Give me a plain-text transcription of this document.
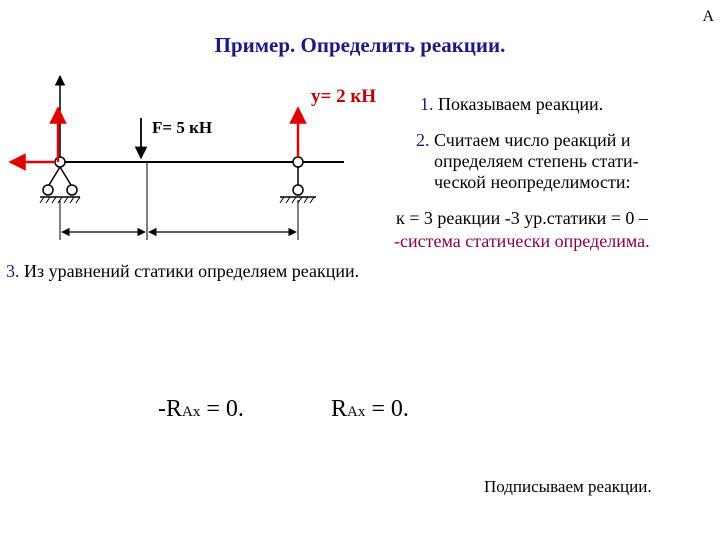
A
Пример. Определить реакции.
у= 2 кН
F= 5 кН
1. Показываем реакции.
2. Считаем число реакций и
определяем степень стати-
ческой неопределимости:
к = 3 реакции -3 ур.статики = 0 –
-система статически определима.
3. Из уравнений статики определяем реакции.
-RAx = 0.	RAx = 0.
Подписываем реакции.
